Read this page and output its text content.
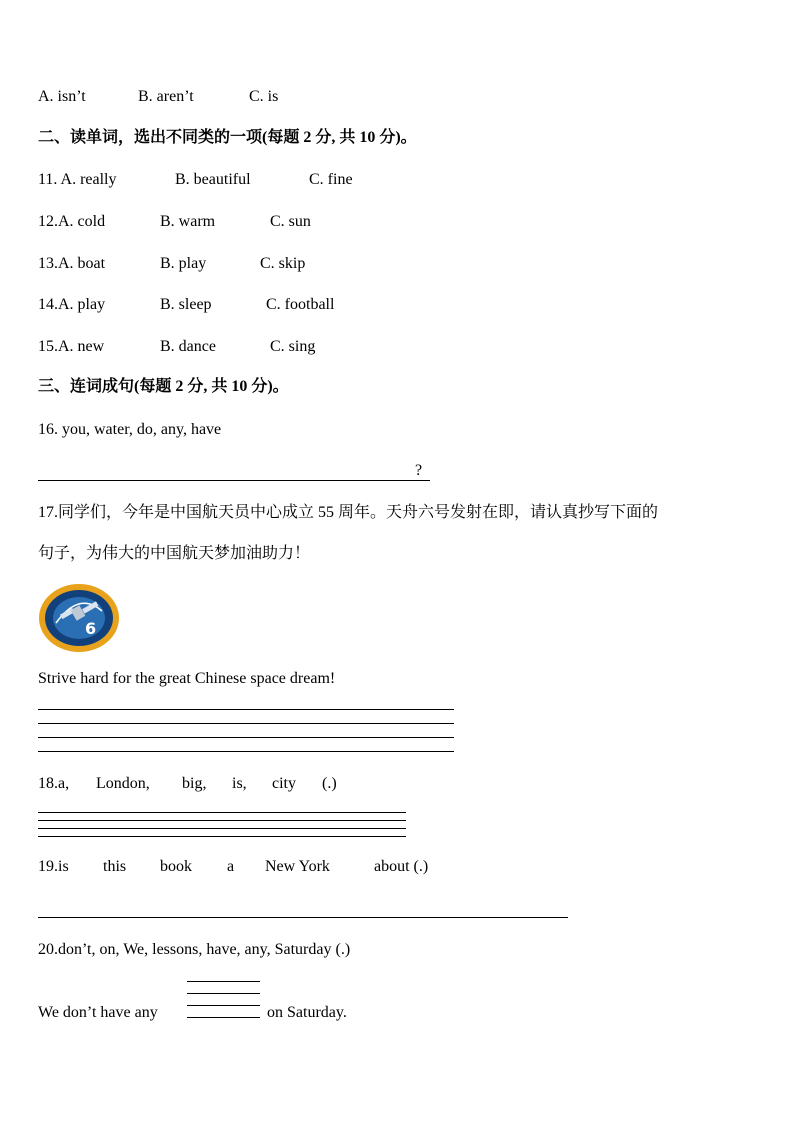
A. isn’t	B. aren’t	C. is
二、读单词，选出不同类的一项(每题 2 分, 共 10 分)。
11. A. really	B. beautiful	C. fine
12.A. cold	B. warm	C. sun
13.A. boat	B. play	C. skip
14.A. play	B. sleep	C. football
15.A. new	B. dance	C. sing
三、连词成句(每题 2 分, 共 10 分)。
16. you, water, do, any, have
?
17.同学们，今年是中国航天员中心成立 55 周年。天舟六号发射在即，请认真抄写下面的
句子，为伟大的中国航天梦加油助力！
6
Strive hard for the great Chinese space dream!
18.a, London, big, is, city (.)
19.is this book a New York	about (.)
20.don’t, on, We, lessons, have, any, Saturday (.)
We don’t have any	on Saturday.
